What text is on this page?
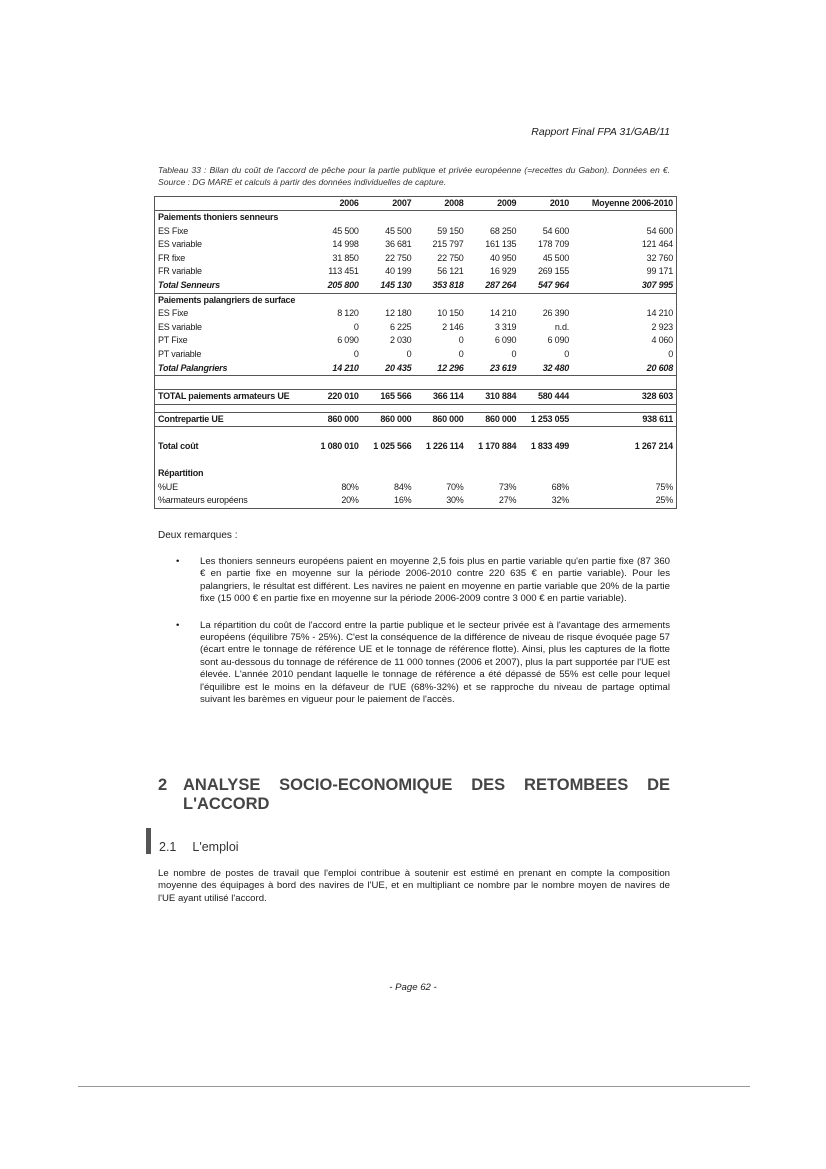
Rapport Final FPA 31/GAB/11
Tableau 33 : Bilan du coût de l'accord de pêche pour la partie publique et privée européenne (=recettes du Gabon). Données en €. Source : DG MARE et calculs à partir des données individuelles de capture.
	2006	2007	2008	2009	2010	Moyenne 2006-2010
Paiements thoniers senneurs						
ES Fixe	45 500	45 500	59 150	68 250	54 600	54 600
ES variable	14 998	36 681	215 797	161 135	178 709	121 464
FR fixe	31 850	22 750	22 750	40 950	45 500	32 760
FR variable	113 451	40 199	56 121	16 929	269 155	99 171
Total Senneurs	205 800	145 130	353 818	287 264	547 964	307 995
Paiements palangriers de surface						
ES Fixe	8 120	12 180	10 150	14 210	26 390	14 210
ES variable	0	6 225	2 146	3 319	n.d.	2 923
PT Fixe	6 090	2 030	0	6 090	6 090	4 060
PT variable	0	0	0	0	0	0
Total Palangriers	14 210	20 435	12 296	23 619	32 480	20 608

TOTAL paiements armateurs UE	220 010	165 566	366 114	310 884	580 444	328 603

Contrepartie UE	860 000	860 000	860 000	860 000	1 253 055	938 611

Total coût	1 080 010	1 025 566	1 226 114	1 170 884	1 833 499	1 267 214

Répartition						
%UE	80%	84%	70%	73%	68%	75%
%armateurs européens	20%	16%	30%	27%	32%	25%
Deux remarques :
• Les thoniers senneurs européens paient en moyenne 2,5 fois plus en partie variable qu'en partie fixe (87 360 € en partie fixe en moyenne sur la période 2006-2010 contre 220 635 € en partie variable). Pour les palangriers, le résultat est différent. Les navires ne paient en moyenne en partie variable que 20% de la partie fixe (15 000 € en partie fixe en moyenne sur la période 2006-2009 contre 3 000 € en partie variable).
• La répartition du coût de l'accord entre la partie publique et le secteur privée est à l'avantage des armements européens (équilibre 75% - 25%). C'est la conséquence de la différence de niveau de risque évoquée page 57 (écart entre le tonnage de référence UE et le tonnage de référence flotte). Ainsi, plus les captures de la flotte sont au-dessous du tonnage de référence de 11 000 tonnes (2006 et 2007), plus la part supportée par l'UE est élevée. L'année 2010 pendant laquelle le tonnage de référence a été dépassé de 55% est celle pour lequel l'équilibre est le moins en la défaveur de l'UE (68%-32%) et se rapproche du niveau de partage optimal suivant les barèmes en vigueur pour le paiement de l'accès.
2 ANALYSE SOCIO-ECONOMIQUE DES RETOMBEES DE
L'ACCORD
2.1 L'emploi
Le nombre de postes de travail que l'emploi contribue à soutenir est estimé en prenant en compte la composition moyenne des équipages à bord des navires de l'UE, et en multipliant ce nombre par le nombre moyen de navires de l'UE ayant utilisé l'accord.
- Page 62 -
